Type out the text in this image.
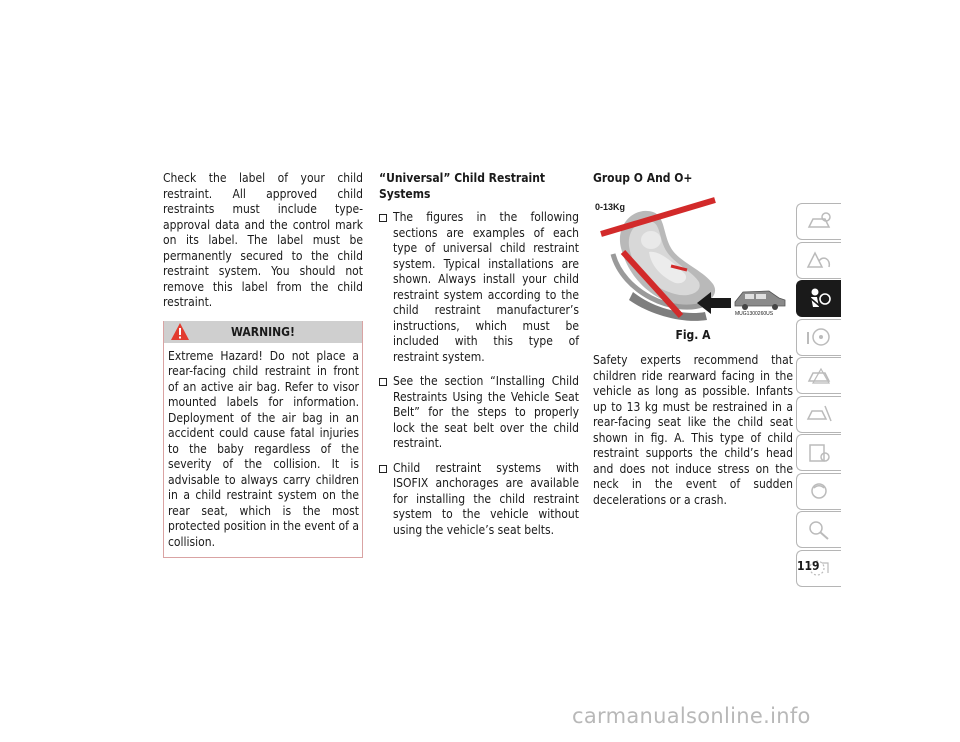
Check the label of your child restraint. All approved child restraints must include type-approval data and the control mark on its label. The label must be permanently secured to the child restraint system. You should not remove this label from the child restraint.

WARNING!

Extreme Hazard! Do not place a rear-facing child restraint in front of an active air bag. Refer to visor mounted labels for information. Deployment of the air bag in an accident could cause fatal injuries to the baby regardless of the severity of the collision. It is advisable to always carry children in a child restraint system on the rear seat, which is the most protected position in the event of a collision.

“Universal” Child Restraint Systems

The figures in the following sections are examples of each type of universal child restraint system. Typical installations are shown. Always install your child restraint system according to the child restraint manufacturer’s instructions, which must be included with this type of restraint system.
See the section “Installing Child Restraints Using the Vehicle Seat Belt” for the steps to properly lock the seat belt over the child restraint.
Child restraint systems with ISOFIX anchorages are available for installing the child restraint system to the vehicle without using the vehicle’s seat belts.

Group O And O+

0-13Kg
MUG1300260US

Fig. A

Safety experts recommend that children ride rearward facing in the vehicle as long as possible. Infants up to 13 kg must be restrained in a rear-facing seat like the child seat shown in fig. A. This type of child restraint supports the child’s head and does not induce stress on the neck in the event of sudden decelerations or a crash.

119
carmanualsonline.info
